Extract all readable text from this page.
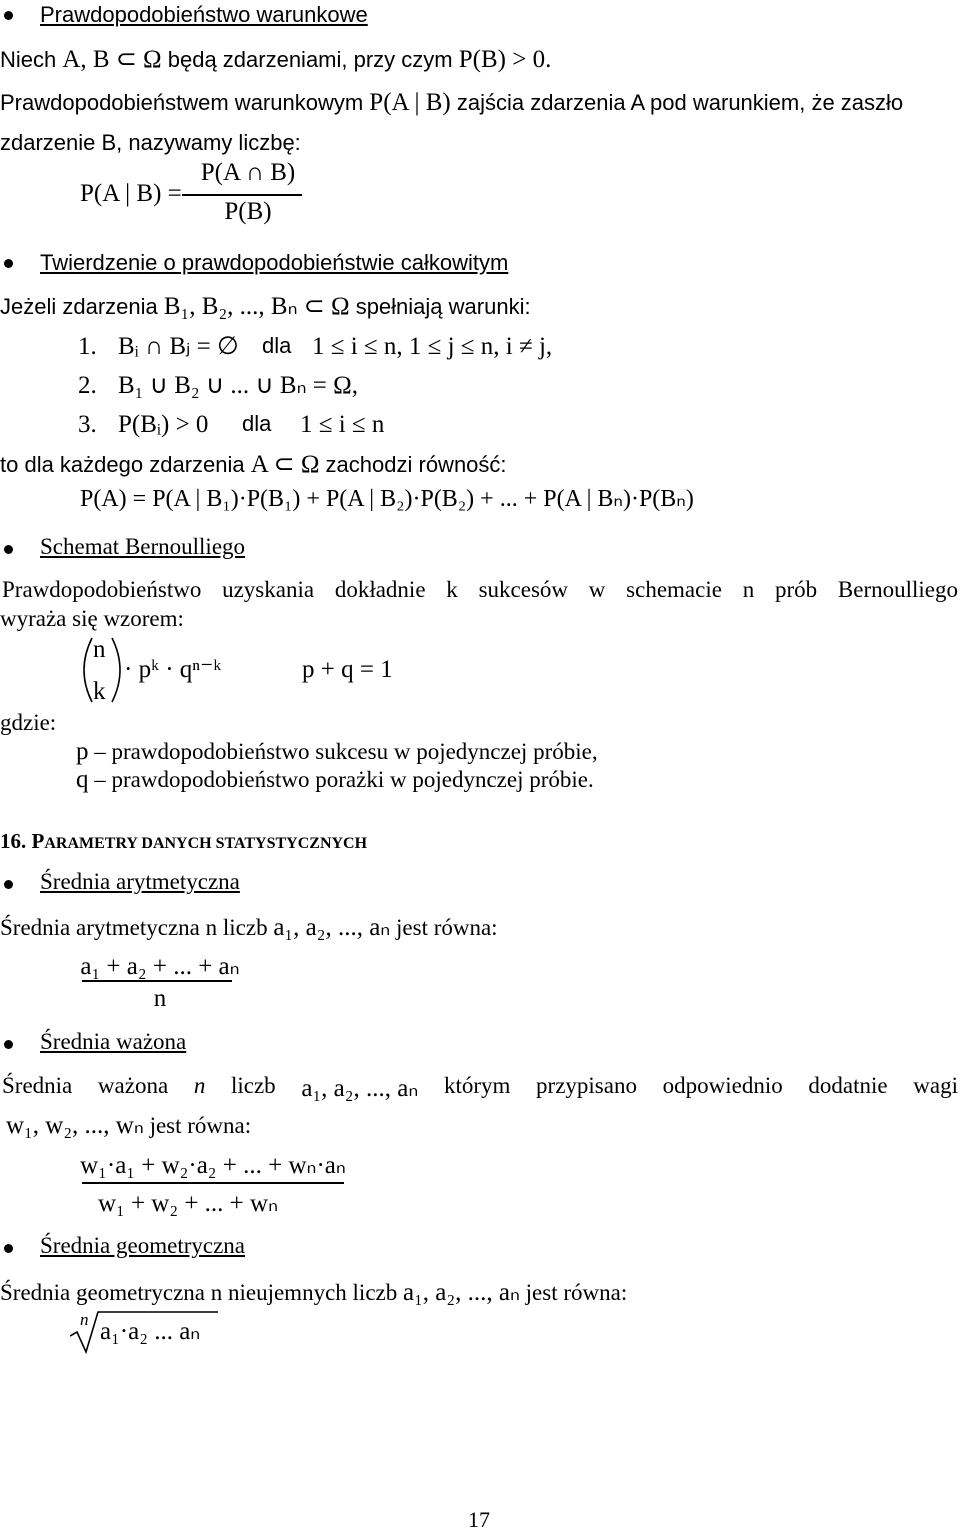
Prawdopodobieństwo warunkowe
Niech A, B ⊂ Ω będą zdarzeniami, przy czym P(B) > 0.
Prawdopodobieństwem warunkowym P(A | B) zajścia zdarzenia A pod warunkiem, że zaszło
zdarzenie B, nazywamy liczbę:
P(A | B) =
P(A ∩ B)
P(B)
Twierdzenie o prawdopodobieństwie całkowitym
Jeżeli zdarzenia B₁, B₂, ..., Bₙ ⊂ Ω spełniają warunki:
1. Bᵢ ∩ Bⱼ = ∅ dla 1 ≤ i ≤ n, 1 ≤ j ≤ n, i ≠ j,
2. B₁ ∪ B₂ ∪ ... ∪ Bₙ = Ω,
3. P(Bᵢ) > 0 dla 1 ≤ i ≤ n
to dla każdego zdarzenia A ⊂ Ω zachodzi równość:
P(A) = P(A | B₁)·P(B₁) + P(A | B₂)·P(B₂) + ... + P(A | Bₙ)·P(Bₙ)
Schemat Bernoulliego
Prawdopodobieństwo uzyskania dokładnie k sukcesów w schemacie n prób Bernoulliego
wyraża się wzorem:
n
k
· pᵏ · qⁿ⁻ᵏ	p + q = 1
gdzie:
p – prawdopodobieństwo sukcesu w pojedynczej próbie,
q – prawdopodobieństwo porażki w pojedynczej próbie.
16. PARAMETRY DANYCH STATYSTYCZNYCH
Średnia arytmetyczna
Średnia arytmetyczna n liczb a₁, a₂, ..., aₙ jest równa:
a₁ + a₂ + ... + aₙ
n
Średnia ważona
Średnia ważona n liczb a₁, a₂, ..., aₙ którym przypisano odpowiednio dodatnie wagi
w₁, w₂, ..., wₙ jest równa:
w₁·a₁ + w₂·a₂ + ... + wₙ·aₙ
w₁ + w₂ + ... + wₙ
Średnia geometryczna
Średnia geometryczna n nieujemnych liczb a₁, a₂, ..., aₙ jest równa:
n a₁·a₂ ... aₙ
17
